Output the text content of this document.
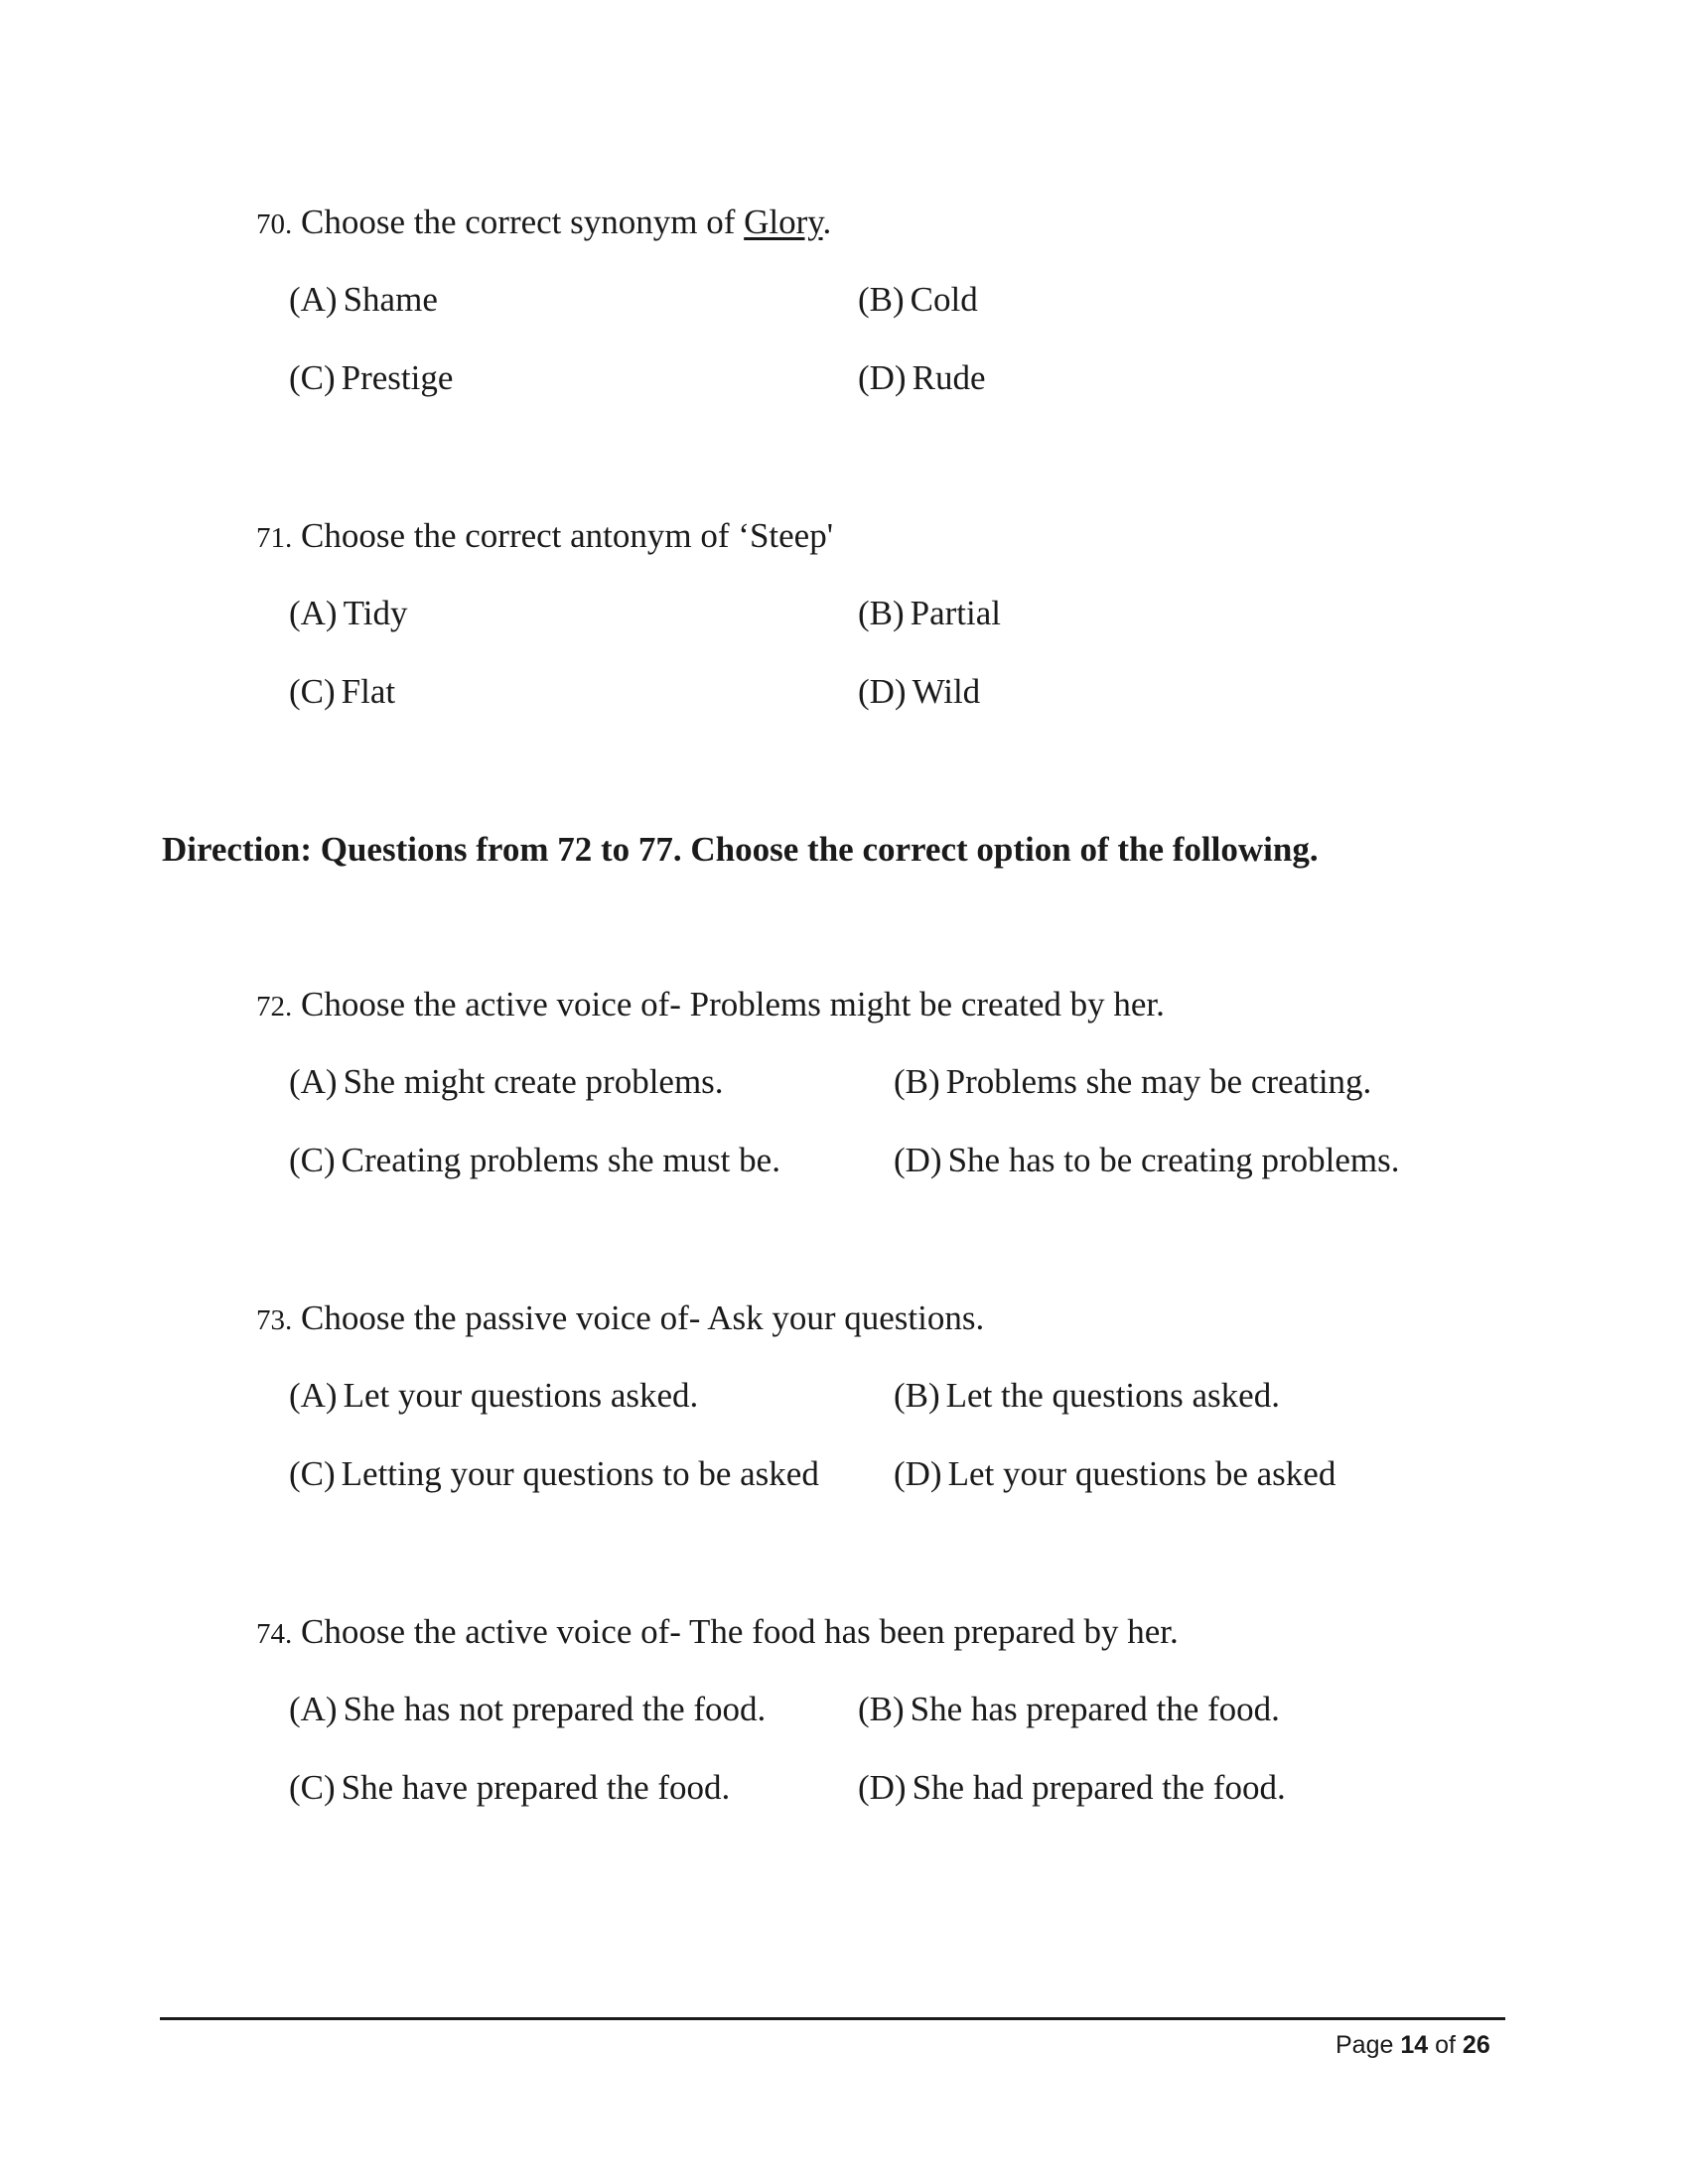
70. Choose the correct synonym of Glory.
(A) Shame	(B) Cold
(C) Prestige	(D) Rude
71. Choose the correct antonym of ‘Steep'
(A) Tidy	(B) Partial
(C) Flat	(D) Wild
Direction: Questions from 72 to 77. Choose the correct option of the following.
72. Choose the active voice of- Problems might be created by her.
(A) She might create problems.	(B) Problems she may be creating.
(C) Creating problems she must be.	(D) She has to be creating problems.
73. Choose the passive voice of- Ask your questions.
(A) Let your questions asked.	(B) Let the questions asked.
(C) Letting your questions to be asked (D) Let your questions be asked
74. Choose the active voice of- The food has been prepared by her.
(A) She has not prepared the food.	(B) She has prepared the food.
(C) She have prepared the food.	(D) She had prepared the food.
Page 14 of 26
